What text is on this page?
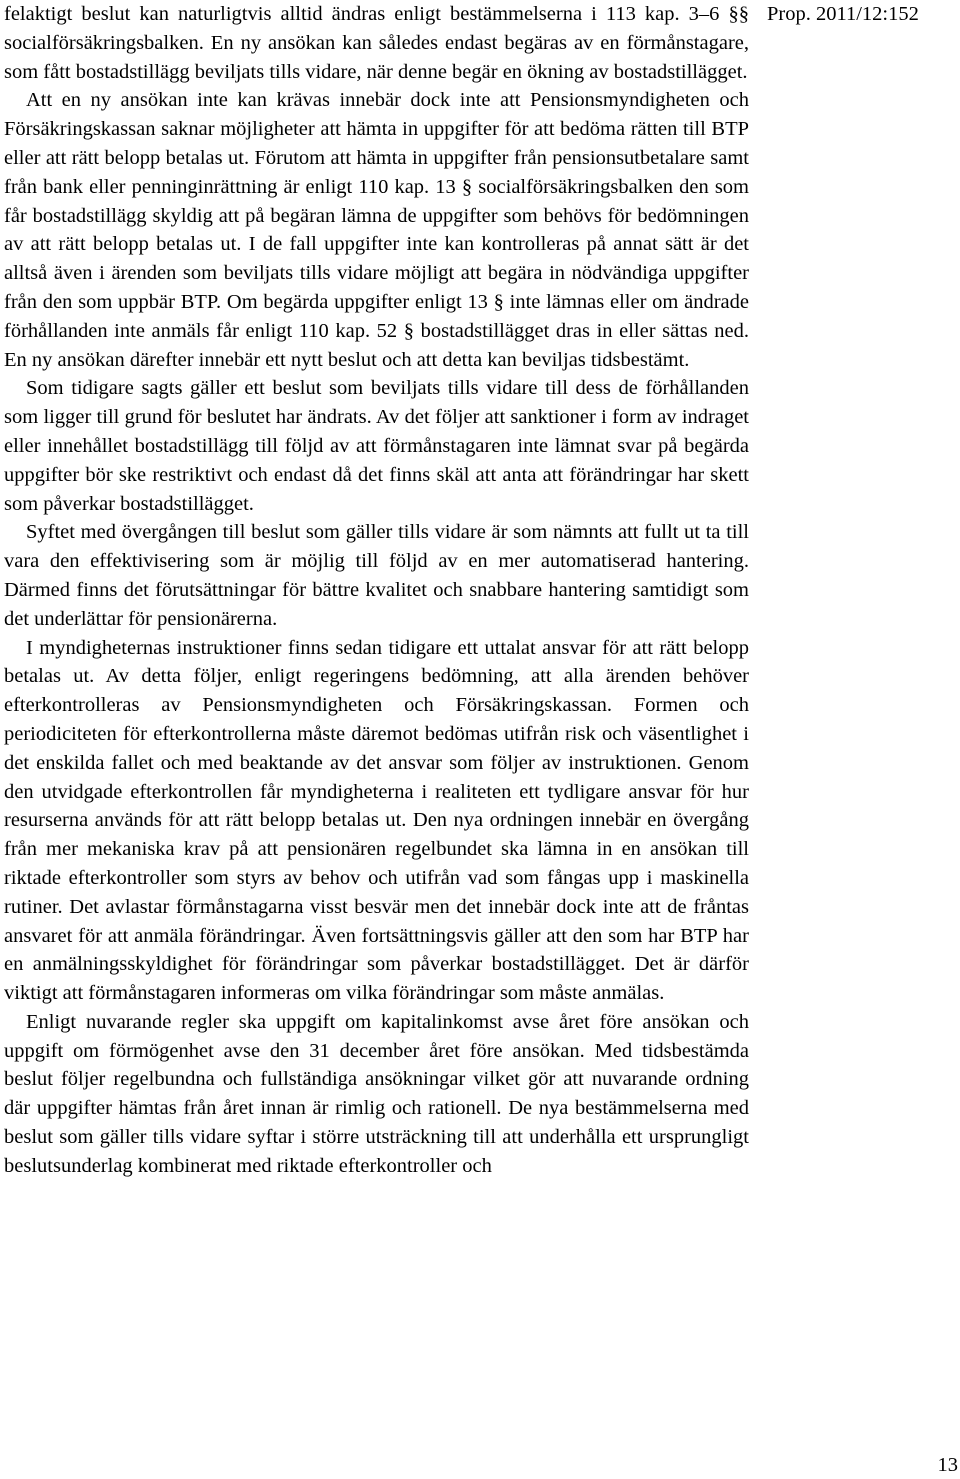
felaktigt beslut kan naturligtvis alltid ändras enligt bestämmelserna i 113 kap. 3–6 §§ socialförsäkringsbalken. En ny ansökan kan således endast begäras av en förmånstagare, som fått bostadstillägg beviljats tills vidare, när denne begär en ökning av bostadstillägget.

Att en ny ansökan inte kan krävas innebär dock inte att Pensionsmyndigheten och Försäkringskassan saknar möjligheter att hämta in uppgifter för att bedöma rätten till BTP eller att rätt belopp betalas ut. Förutom att hämta in uppgifter från pensionsutbetalare samt från bank eller penninginrättning är enligt 110 kap. 13 § socialförsäkringsbalken den som får bostadstillägg skyldig att på begäran lämna de uppgifter som behövs för bedömningen av att rätt belopp betalas ut. I de fall uppgifter inte kan kontrolleras på annat sätt är det alltså även i ärenden som beviljats tills vidare möjligt att begära in nödvändiga uppgifter från den som uppbär BTP. Om begärda uppgifter enligt 13 § inte lämnas eller om ändrade förhållanden inte anmäls får enligt 110 kap. 52 § bostadstillägget dras in eller sättas ned. En ny ansökan därefter innebär ett nytt beslut och att detta kan beviljas tidsbestämt.

Som tidigare sagts gäller ett beslut som beviljats tills vidare till dess de förhållanden som ligger till grund för beslutet har ändrats. Av det följer att sanktioner i form av indraget eller innehållet bostadstillägg till följd av att förmånstagaren inte lämnat svar på begärda uppgifter bör ske restriktivt och endast då det finns skäl att anta att förändringar har skett som påverkar bostadstillägget.

Syftet med övergången till beslut som gäller tills vidare är som nämnts att fullt ut ta till vara den effektivisering som är möjlig till följd av en mer automatiserad hantering. Därmed finns det förutsättningar för bättre kvalitet och snabbare hantering samtidigt som det underlättar för pensionärerna.

I myndigheternas instruktioner finns sedan tidigare ett uttalat ansvar för att rätt belopp betalas ut. Av detta följer, enligt regeringens bedömning, att alla ärenden behöver efterkontrolleras av Pensionsmyndigheten och Försäkringskassan. Formen och periodiciteten för efterkontrollerna måste däremot bedömas utifrån risk och väsentlighet i det enskilda fallet och med beaktande av det ansvar som följer av instruktionen. Genom den utvidgade efterkontrollen får myndigheterna i realiteten ett tydligare ansvar för hur resurserna används för att rätt belopp betalas ut. Den nya ordningen innebär en övergång från mer mekaniska krav på att pensionären regelbundet ska lämna in en ansökan till riktade efterkontroller som styrs av behov och utifrån vad som fångas upp i maskinella rutiner. Det avlastar förmånstagarna visst besvär men det innebär dock inte att de fråntas ansvaret för att anmäla förändringar. Även fortsättningsvis gäller att den som har BTP har en anmälningsskyldighet för förändringar som påverkar bostadstillägget. Det är därför viktigt att förmånstagaren informeras om vilka förändringar som måste anmälas.

Enligt nuvarande regler ska uppgift om kapitalinkomst avse året före ansökan och uppgift om förmögenhet avse den 31 december året före ansökan. Med tidsbestämda beslut följer regelbundna och fullständiga ansökningar vilket gör att nuvarande ordning där uppgifter hämtas från året innan är rimlig och rationell. De nya bestämmelserna med beslut som gäller tills vidare syftar i större utsträckning till att underhålla ett ursprungligt beslutsunderlag kombinerat med riktade efterkontroller och

Prop. 2011/12:152
13
